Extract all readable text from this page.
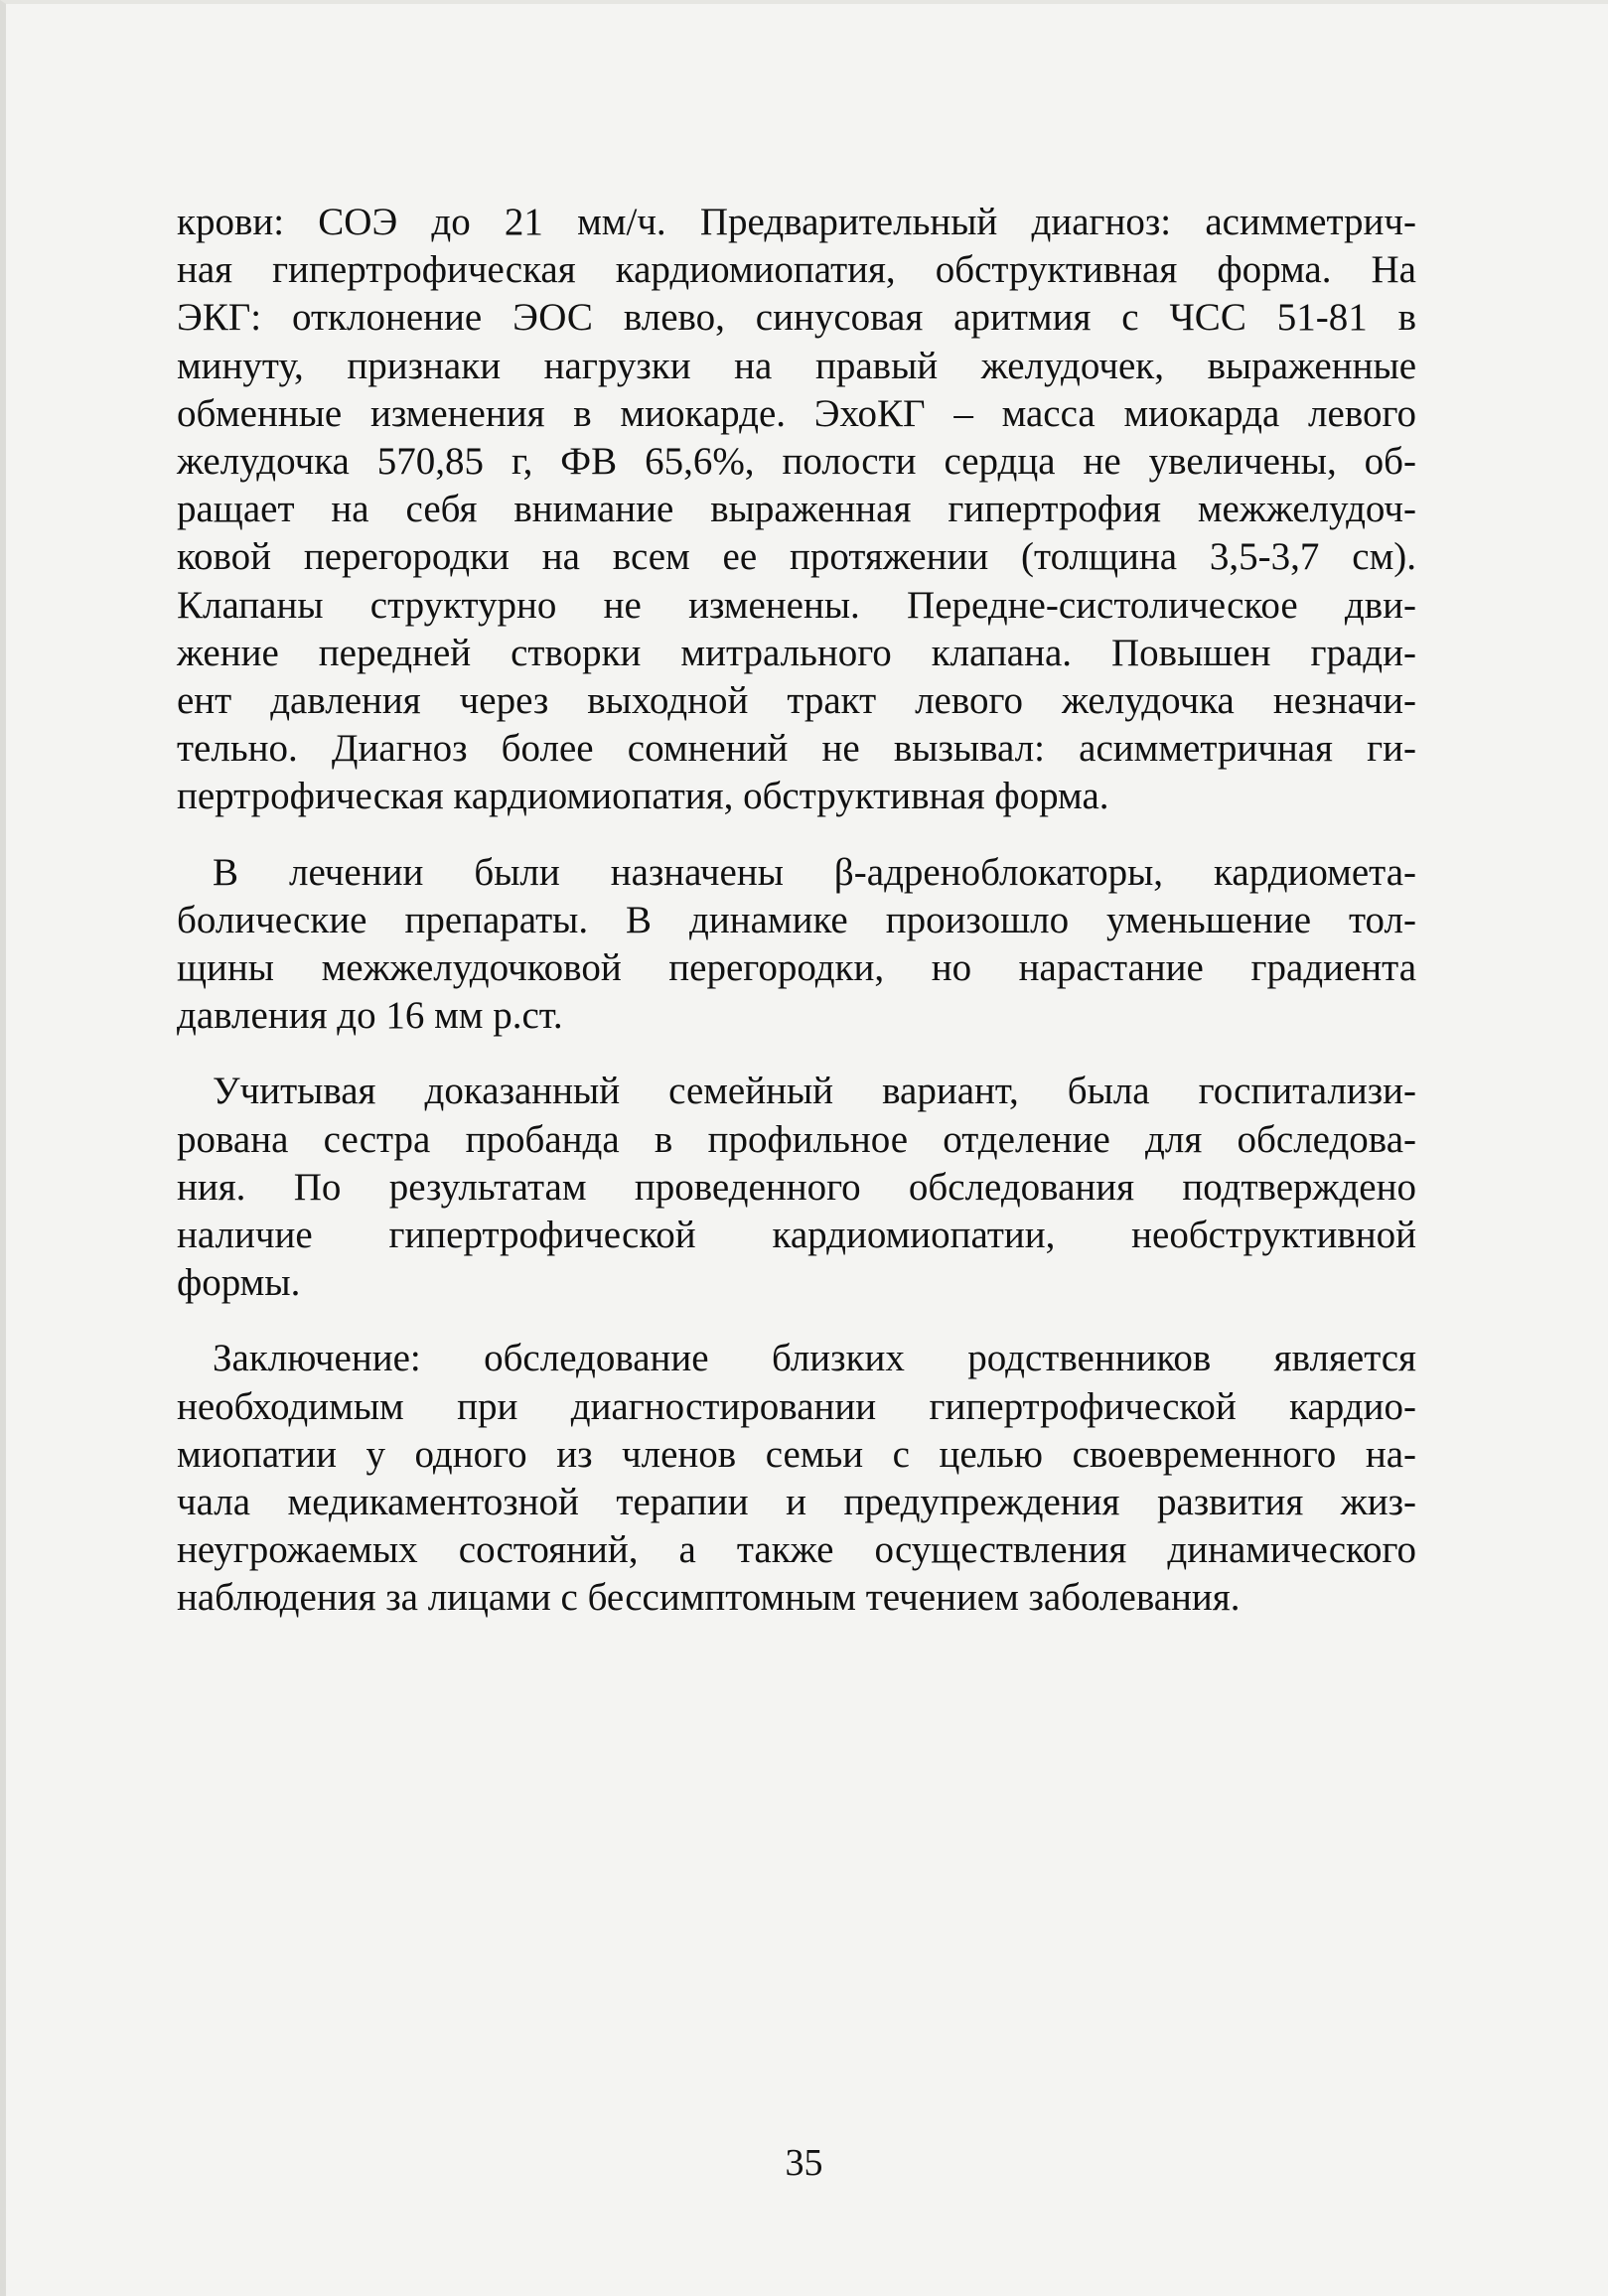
крови: СОЭ до 21 мм/ч. Предварительный диагноз: асимметрич-
ная гипертрофическая кардиомиопатия, обструктивная форма. На
ЭКГ: отклонение ЭОС влево, синусовая аритмия с ЧСС 51-81 в
минуту, признаки нагрузки на правый желудочек, выраженные
обменные изменения в миокарде. ЭхоКГ – масса миокарда левого
желудочка 570,85 г, ФВ 65,6%, полости сердца не увеличены, об-
ращает на себя внимание выраженная гипертрофия межжелудоч-
ковой перегородки на всем ее протяжении (толщина 3,5-3,7 см).
Клапаны структурно не изменены. Передне-систолическое дви-
жение передней створки митрального клапана. Повышен гради-
ент давления через выходной тракт левого желудочка незначи-
тельно. Диагноз более сомнений не вызывал: асимметричная ги-
пертрофическая кардиомиопатия, обструктивная форма.
В лечении были назначены β-адреноблокаторы, кардиомета-
болические препараты. В динамике произошло уменьшение тол-
щины межжелудочковой перегородки, но нарастание градиента
давления до 16 мм р.ст.
Учитывая доказанный семейный вариант, была госпитализи-
рована сестра пробанда в профильное отделение для обследова-
ния. По результатам проведенного обследования подтверждено
наличие гипертрофической кардиомиопатии, необструктивной
формы.
Заключение: обследование близких родственников является
необходимым при диагностировании гипертрофической кардио-
миопатии у одного из членов семьи с целью своевременного на-
чала медикаментозной терапии и предупреждения развития жиз-
неугрожаемых состояний, а также осуществления динамического
наблюдения за лицами с бессимптомным течением заболевания.
35
